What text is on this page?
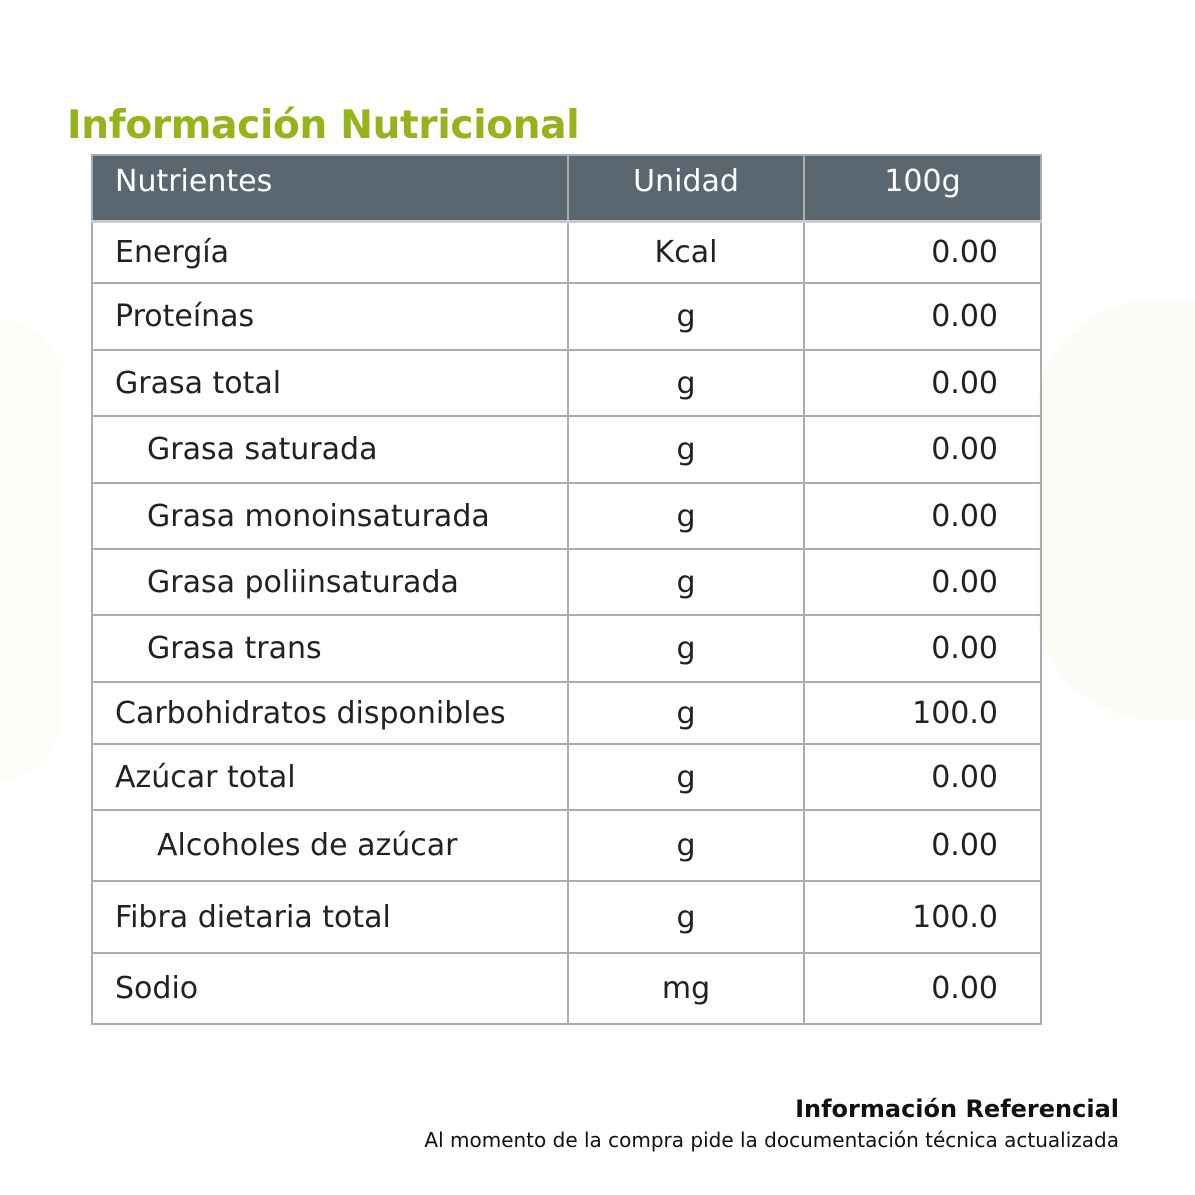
Información Nutricional
Nutrientes	Unidad	100g
Energía	Kcal	0.00
Proteínas	g	0.00
Grasa total	g	0.00
Grasa saturada	g	0.00
Grasa monoinsaturada	g	0.00
Grasa poliinsaturada	g	0.00
Grasa trans	g	0.00
Carbohidratos disponibles	g	100.0
Azúcar total	g	0.00
Alcoholes de azúcar	g	0.00
Fibra dietaria total	g	100.0
Sodio	mg	0.00
Información Referencial
Al momento de la compra pide la documentación técnica actualizada
